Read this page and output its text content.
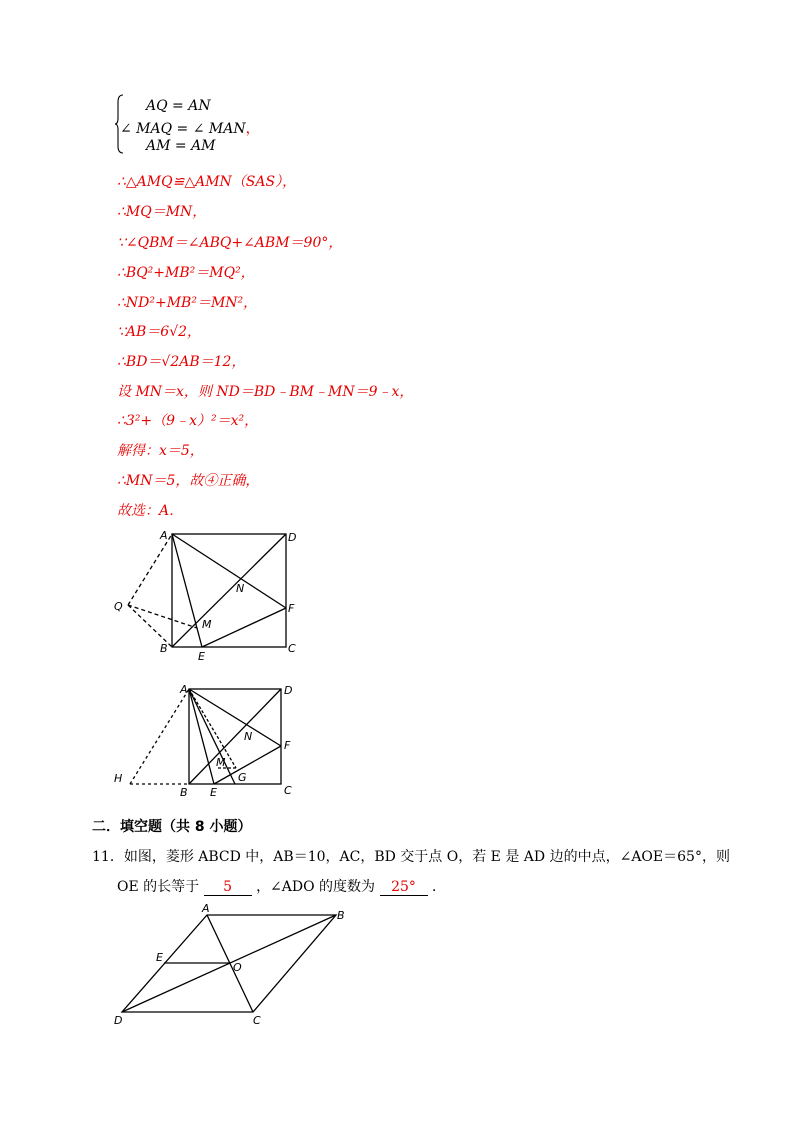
AQ = AN
∠ MAQ = ∠ MAN，
AM = AM
∴△AMQ≌△AMN（SAS），
∴MQ＝MN，
∵∠QBM＝∠ABQ+∠ABM＝90°，
∴BQ²+MB²＝MQ²，
∴ND²+MB²＝MN²，
∵AB＝6√2，
∴BD＝√2AB＝12，
设 MN＝x，则 ND＝BD﹣BM﹣MN＝9﹣x，
∴3²+（9﹣x）²＝x²，
解得：x＝5，
∴MN＝5，故④正确，
故选：A．
A	D
N
F
Q
M
B
E
C
A	D
N
F
M
G
H
B E	C
二．填空题（共 8 小题）
11．如图，菱形 ABCD 中，AB＝10，AC，BD 交于点 O，若 E 是 AD 边的中点，∠AOE＝65°，则
OE 的长等于 5 ，∠ADO 的度数为 25° ．
A
B
E
O
D	C
